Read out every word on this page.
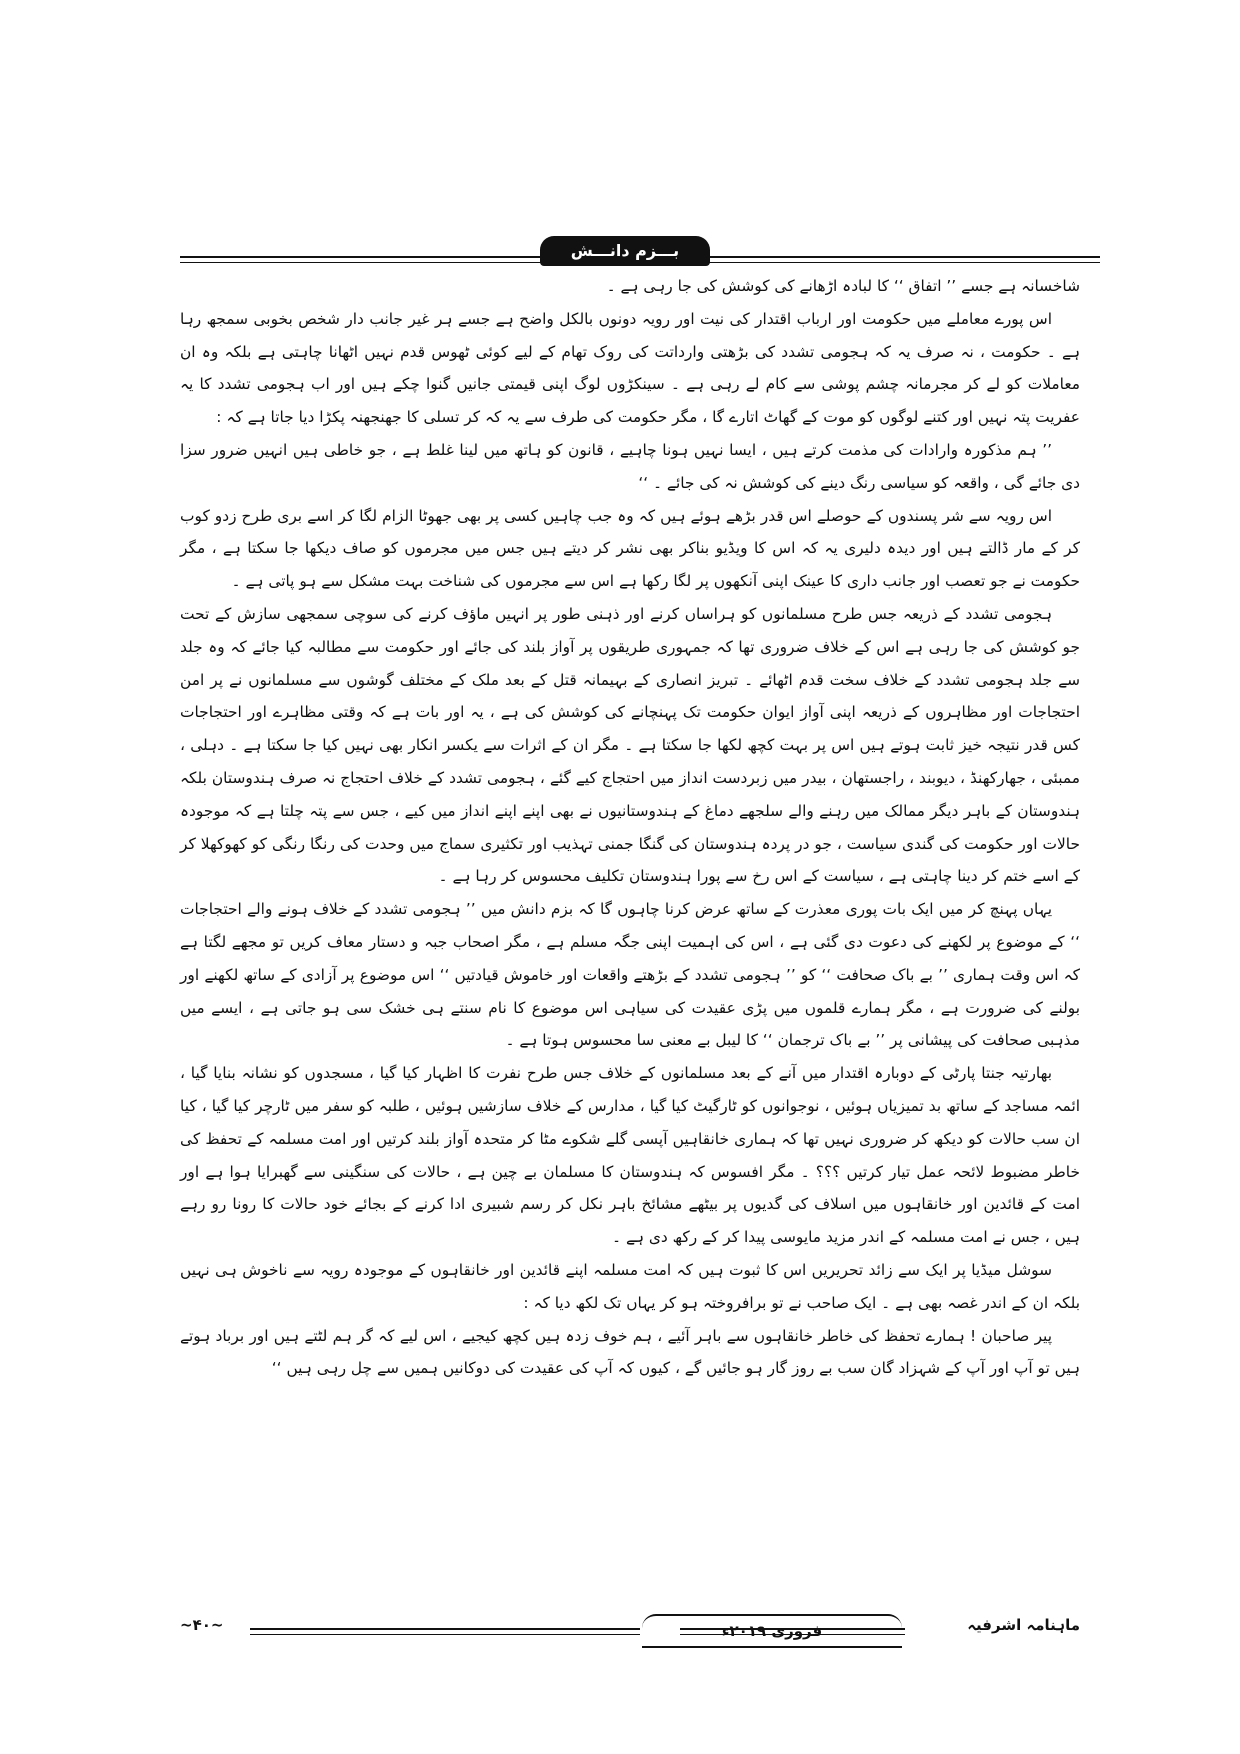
بـــزم دانـــش

شاخسانہ ہے جسے ’’ اتفاق ‘‘ کا لبادہ اڑھانے کی کوشش کی جا رہی ہے ۔

اس پورے معاملے میں حکومت اور ارباب اقتدار کی نیت اور رویہ دونوں بالکل واضح ہے جسے ہر غیر جانب دار شخص بخوبی سمجھ رہا ہے ۔ حکومت ، نہ صرف یہ کہ ہجومی تشدد کی بڑھتی وارداتت کی روک تھام کے لیے کوئی ٹھوس قدم نہیں اٹھانا چاہتی ہے بلکہ وہ ان معاملات کو لے کر مجرمانہ چشم پوشی سے کام لے رہی ہے ۔ سینکڑوں لوگ اپنی قیمتی جانیں گنوا چکے ہیں اور اب ہجومی تشدد کا یہ عفریت پتہ نہیں اور کتنے لوگوں کو موت کے گھاٹ اتارے گا ، مگر حکومت کی طرف سے یہ کہ کر تسلی کا جھنجھنہ پکڑا دیا جاتا ہے کہ :

’’ ہم مذکورہ وارادات کی مذمت کرتے ہیں ، ایسا نہیں ہونا چاہیے ، قانون کو ہاتھ میں لینا غلط ہے ، جو خاطی ہیں انہیں ضرور سزا دی جائے گی ، واقعہ کو سیاسی رنگ دینے کی کوشش نہ کی جائے ۔ ‘‘

اس رویہ سے شر پسندوں کے حوصلے اس قدر بڑھے ہوئے ہیں کہ وہ جب چاہیں کسی پر بھی جھوٹا الزام لگا کر اسے بری طرح زدو کوب کر کے مار ڈالتے ہیں اور دیدہ دلیری یہ کہ اس کا ویڈیو بناکر بھی نشر کر دیتے ہیں جس میں مجرموں کو صاف دیکھا جا سکتا ہے ، مگر حکومت نے جو تعصب اور جانب داری کا عینک اپنی آنکھوں پر لگا رکھا ہے اس سے مجرموں کی شناخت بہت مشکل سے ہو پاتی ہے ۔

ہجومی تشدد کے ذریعہ جس طرح مسلمانوں کو ہراساں کرنے اور ذہنی طور پر انہیں ماؤف کرنے کی سوچی سمجھی سازش کے تحت جو کوشش کی جا رہی ہے اس کے خلاف ضروری تھا کہ جمہوری طریقوں پر آواز بلند کی جائے اور حکومت سے مطالبہ کیا جائے کہ وہ جلد سے جلد ہجومی تشدد کے خلاف سخت قدم اٹھائے ۔ تبریز انصاری کے بہیمانہ قتل کے بعد ملک کے مختلف گوشوں سے مسلمانوں نے پر امن احتجاجات اور مظاہروں کے ذریعہ اپنی آواز ایوان حکومت تک پہنچانے کی کوشش کی ہے ، یہ اور بات ہے کہ وقتی مظاہرے اور احتجاجات کس قدر نتیجہ خیز ثابت ہوتے ہیں اس پر بہت کچھ لکھا جا سکتا ہے ۔ مگر ان کے اثرات سے یکسر انکار بھی نہیں کیا جا سکتا ہے ۔ دہلی ، ممبئی ، جھارکھنڈ ، دیوبند ، راجستھان ، بیدر میں زبردست انداز میں احتجاج کیے گئے ، ہجومی تشدد کے خلاف احتجاج نہ صرف ہندوستان بلکہ ہندوستان کے باہر دیگر ممالک میں رہنے والے سلجھے دماغ کے ہندوستانیوں نے بھی اپنے اپنے انداز میں کیے ، جس سے پتہ چلتا ہے کہ موجودہ حالات اور حکومت کی گندی سیاست ، جو در پردہ ہندوستان کی گنگا جمنی تہذیب اور تکثیری سماج میں وحدت کی رنگا رنگی کو کھوکھلا کر کے اسے ختم کر دینا چاہتی ہے ، سیاست کے اس رخ سے پورا ہندوستان تکلیف محسوس کر رہا ہے ۔

یہاں پہنچ کر میں ایک بات پوری معذرت کے ساتھ عرض کرنا چاہوں گا کہ بزم دانش میں ’’ ہجومی تشدد کے خلاف ہونے والے احتجاجات ‘‘ کے موضوع پر لکھنے کی دعوت دی گئی ہے ، اس کی اہمیت اپنی جگہ مسلم ہے ، مگر اصحاب جبہ و دستار معاف کریں تو مجھے لگتا ہے کہ اس وقت ہماری ’’ بے باک صحافت ‘‘ کو ’’ ہجومی تشدد کے بڑھتے واقعات اور خاموش قیادتیں ‘‘ اس موضوع پر آزادی کے ساتھ لکھنے اور بولنے کی ضرورت ہے ، مگر ہمارے قلموں میں پڑی عقیدت کی سیاہی اس موضوع کا نام سنتے ہی خشک سی ہو جاتی ہے ، ایسے میں مذہبی صحافت کی پیشانی پر ’’ بے باک ترجمان ‘‘ کا لیبل بے معنی سا محسوس ہوتا ہے ۔

بھارتیہ جنتا پارٹی کے دوبارہ اقتدار میں آنے کے بعد مسلمانوں کے خلاف جس طرح نفرت کا اظہار کیا گیا ، مسجدوں کو نشانہ بنایا گیا ، ائمہ مساجد کے ساتھ بد تمیزیاں ہوئیں ، نوجوانوں کو ٹارگیٹ کیا گیا ، مدارس کے خلاف سازشیں ہوئیں ، طلبہ کو سفر میں ٹارچر کیا گیا ، کیا ان سب حالات کو دیکھ کر ضروری نہیں تھا کہ ہماری خانقاہیں آپسی گلے شکوے مٹا کر متحدہ آواز بلند کرتیں اور امت مسلمہ کے تحفظ کی خاطر مضبوط لائحہ عمل تیار کرتیں ؟؟؟ ۔ مگر افسوس کہ ہندوستان کا مسلمان بے چین ہے ، حالات کی سنگینی سے گھبرایا ہوا ہے اور امت کے قائدین اور خانقاہوں میں اسلاف کی گدیوں پر بیٹھے مشائخ باہر نکل کر رسم شبیری ادا کرنے کے بجائے خود حالات کا رونا رو رہے ہیں ، جس نے امت مسلمہ کے اندر مزید مایوسی پیدا کر کے رکھ دی ہے ۔

سوشل میڈیا پر ایک سے زائد تحریریں اس کا ثبوت ہیں کہ امت مسلمہ اپنے قائدین اور خانقاہوں کے موجودہ رویہ سے ناخوش ہی نہیں بلکہ ان کے اندر غصہ بھی ہے ۔ ایک صاحب نے تو برافروختہ ہو کر یہاں تک لکھ دیا کہ :

پیر صاحبان ! ہمارے تحفظ کی خاطر خانقاہوں سے باہر آئیے ، ہم خوف زدہ ہیں کچھ کیجیے ، اس لیے کہ گر ہم لٹتے ہیں اور برباد ہوتے ہیں تو آپ اور آپ کے شہزاد گان سب بے روز گار ہو جائیں گے ، کیوں کہ آپ کی عقیدت کی دوکانیں ہمیں سے چل رہی ہیں ‘‘

ماہنامہ اشرفیہ
فروری ۲۰۱۹ء
~۴۰~
